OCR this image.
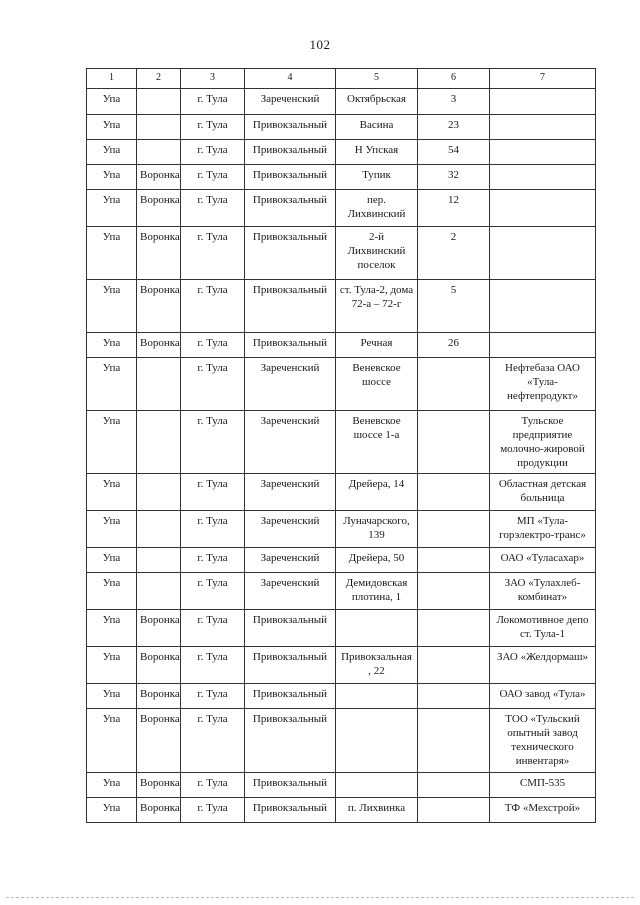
102
1	2	3	4	5	6	7
Упа		г. Тула	Зареченский	Октябрьская	3	
Упа		г. Тула	Привокзальный	Васина	23	
Упа		г. Тула	Привокзальный	Н Упская	54	
Упа	Воронка	г. Тула	Привокзальный	Тупик	32	
Упа	Воронка	г. Тула	Привокзальный	пер. Лихвинский	12	
Упа	Воронка	г. Тула	Привокзальный	2-й Лихвинский поселок	2	
Упа	Воронка	г. Тула	Привокзальный	ст. Тула-2, дома 72-а – 72-г	5	
Упа	Воронка	г. Тула	Привокзальный	Речная	26	
Упа		г. Тула	Зареченский	Веневское шоссе		Нефтебаза ОАО «Тула-нефтепродукт»
Упа		г. Тула	Зареченский	Веневское шоссе 1-а		Тульское предприятие молочно-жировой продукции
Упа		г. Тула	Зареченский	Дрейера, 14		Областная детская больница
Упа		г. Тула	Зареченский	Луначарского, 139		МП «Тула-горэлектро-транс»
Упа		г. Тула	Зареченский	Дрейера, 50		ОАО «Туласахар»
Упа		г. Тула	Зареченский	Демидовская плотина, 1		ЗАО «Тулахлеб-комбинат»
Упа	Воронка	г. Тула	Привокзальный			Локомотивное депо ст. Тула-1
Упа	Воронка	г. Тула	Привокзальный	Привокзальная , 22		ЗАО «Желдормаш»
Упа	Воронка	г. Тула	Привокзальный			ОАО завод «Тула»
Упа	Воронка	г. Тула	Привокзальный			ТОО «Тульский опытный завод технического инвентаря»
Упа	Воронка	г. Тула	Привокзальный			СМП-535
Упа	Воронка	г. Тула	Привокзальный	п. Лихвинка		ТФ «Мехстрой»
